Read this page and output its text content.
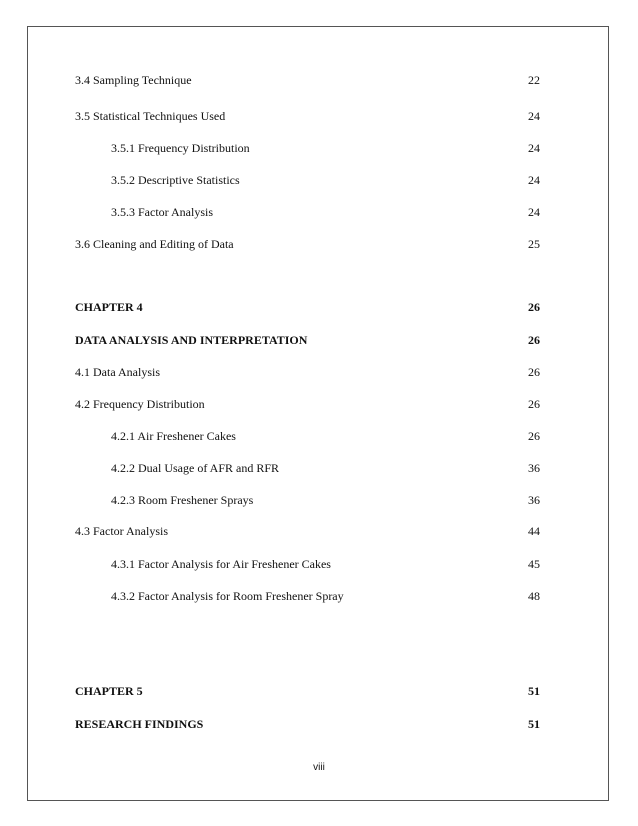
3.4 Sampling Technique	22
3.5 Statistical Techniques Used	24
3.5.1 Frequency Distribution	24
3.5.2 Descriptive Statistics	24
3.5.3 Factor Analysis	24
3.6 Cleaning and Editing of Data	25
CHAPTER 4	26
DATA ANALYSIS AND INTERPRETATION	26
4.1 Data Analysis	26
4.2 Frequency Distribution	26
4.2.1 Air Freshener Cakes	26
4.2.2 Dual Usage of AFR and RFR	36
4.2.3 Room Freshener Sprays	36
4.3 Factor Analysis	44
4.3.1 Factor Analysis for Air Freshener Cakes	45
4.3.2 Factor Analysis for Room Freshener Spray	48
CHAPTER 5	51
RESEARCH FINDINGS	51
viii
